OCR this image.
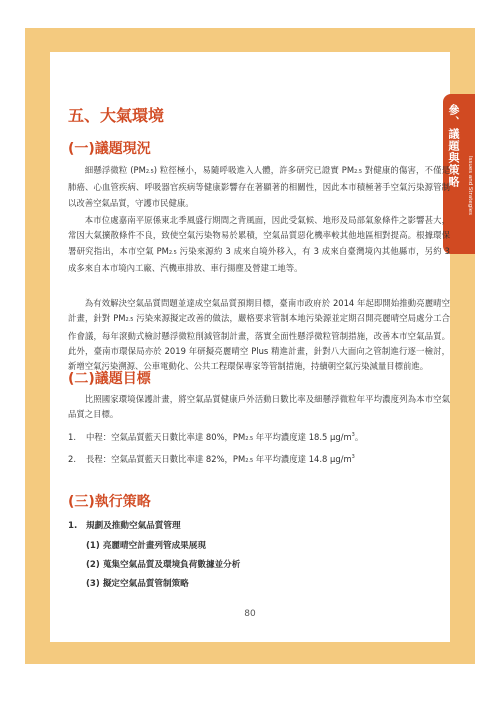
80
參、議題與策略	Issues and Strategies
五、大氣環境
(一)議題現況

細懸浮微粒 (PM2.5) 粒徑極小，易隨呼吸進入人體，許多研究已證實 PM2.5 對健康的傷害，不僅是肺癌、心血管疾病、呼吸器官疾病等健康影響存在著顯著的相關性，因此本市積極著手空氣污染源管制以改善空氣品質，守護市民健康。

本市位處嘉南平原係東北季風盛行期間之背風面，因此受氣候、地形及局部氣象條件之影響甚大，常因大氣擴散條件不良，致使空氣污染物易於累積，空氣品質惡化機率較其他地區相對提高。根據環保署研究指出，本市空氣 PM2.5 污染來源約 3 成來自境外移入，有 3 成來自臺灣境內其他縣市，另約 3 成多來自本市境內工廠、汽機車排放、車行揚塵及營建工地等。

為有效解決空氣品質問題並達成空氣品質預期目標，臺南市政府於 2014 年起即開始推動亮麗晴空計畫，針對 PM2.5 污染來源擬定改善的做法，嚴格要求管制本地污染源並定期召開亮麗晴空局處分工合作會議，每年滾動式檢討懸浮微粒削減管制計畫，落實全面性懸浮微粒管制措施，改善本市空氣品質。此外，臺南市環保局亦於 2019 年研擬亮麗晴空 Plus 精進計畫，針對八大面向之管制進行逐一檢討，新增空氣污染溯源、公車電動化、公共工程環保專家等管制措施，持續朝空氣污染減量目標前進。

(二)議題目標

比照國家環境保護計畫，將空氣品質健康戶外活動日數比率及細懸浮微粒年平均濃度列為本市空氣品質之目標。

1. 中程：空氣品質藍天日數比率達 80%，PM2.5 年平均濃度達 18.5 $\mu g/m^3$。

2. 長程：空氣品質藍天日數比率達 82%，PM2.5 年平均濃度達 14.8 $\mu g/m^3$

(三)執行策略

1. 規劃及推動空氣品質管理

(1) 亮麗晴空計畫列管成果展現

(2) 蒐集空氣品質及環境負荷數據並分析

(3) 擬定空氣品質管制策略
